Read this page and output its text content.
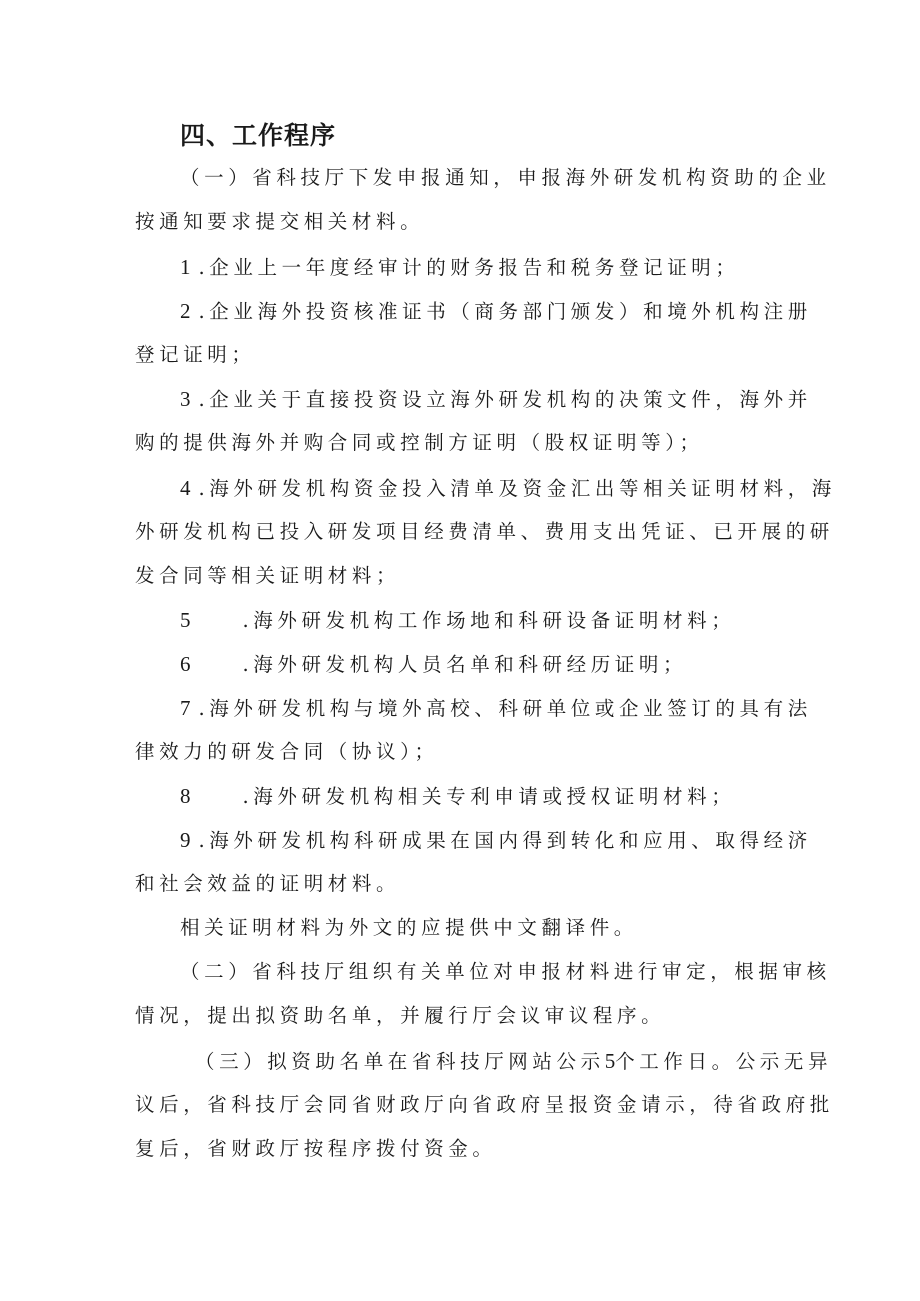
四、工作程序
（一）省科技厅下发申报通知，申报海外研发机构资助的企业
按通知要求提交相关材料。
1 .企业上一年度经审计的财务报告和税务登记证明；
2 .企业海外投资核准证书（商务部门颁发）和境外机构注册
登记证明；
3 .企业关于直接投资设立海外研发机构的决策文件，海外并
购的提供海外并购合同或控制方证明（股权证明等）；
4 .海外研发机构资金投入清单及资金汇出等相关证明材料，海
外研发机构已投入研发项目经费清单、费用支出凭证、已开展的研
发合同等相关证明材料；
5	.海外研发机构工作场地和科研设备证明材料；
6	.海外研发机构人员名单和科研经历证明；
7 .海外研发机构与境外高校、科研单位或企业签订的具有法
律效力的研发合同（协议）；
8	.海外研发机构相关专利申请或授权证明材料；
9 .海外研发机构科研成果在国内得到转化和应用、取得经济
和社会效益的证明材料。
相关证明材料为外文的应提供中文翻译件。
（二）省科技厅组织有关单位对申报材料进行审定，根据审核
情况，提出拟资助名单，并履行厅会议审议程序。
（三）拟资助名单在省科技厅网站公示5个工作日。公示无异
议后，省科技厅会同省财政厅向省政府呈报资金请示，待省政府批
复后，省财政厅按程序拨付资金。
